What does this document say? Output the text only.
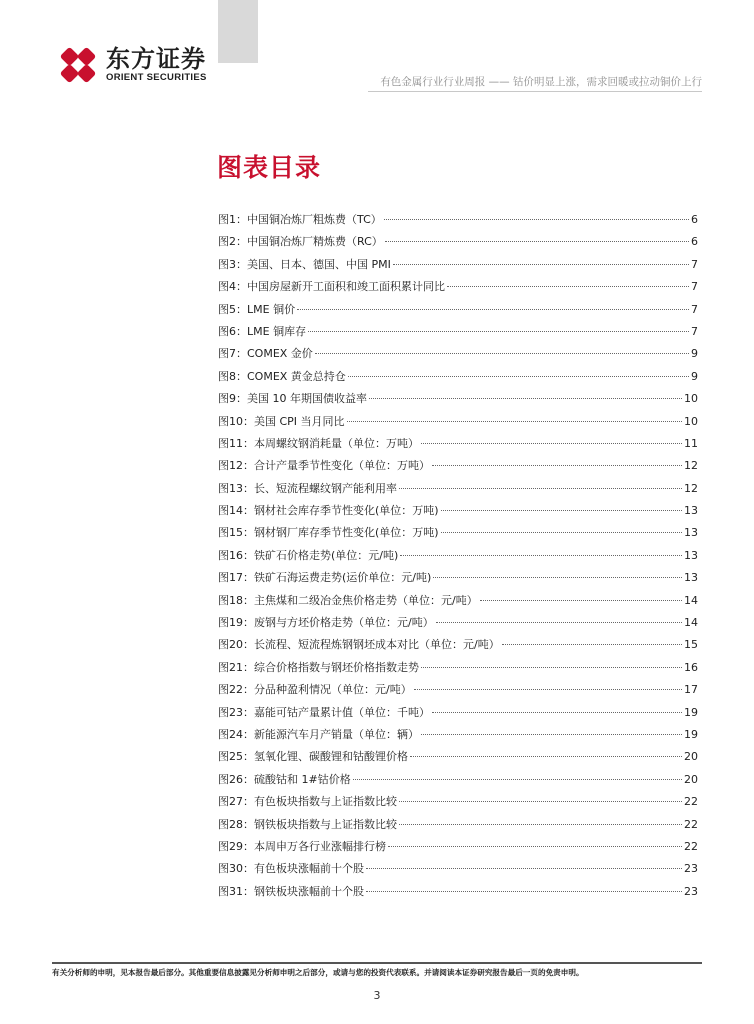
东方证券
ORIENT SECURITIES	有色金属行业行业周报 —— 钴价明显上涨，需求回暖或拉动铜价上行
图表目录
图1：中国铜冶炼厂粗炼费（TC）	6
图2：中国铜冶炼厂精炼费（RC）	6
图3：美国、日本、德国、中国 PMI	7
图4：中国房屋新开工面积和竣工面积累计同比	7
图5：LME 铜价	7
图6：LME 铜库存	7
图7：COMEX 金价	9
图8：COMEX 黄金总持仓	9
图9：美国 10 年期国债收益率	10
图10：美国 CPI 当月同比	10
图11：本周螺纹钢消耗量（单位：万吨）	11
图12：合计产量季节性变化（单位：万吨）	12
图13：长、短流程螺纹钢产能利用率	12
图14：钢材社会库存季节性变化(单位：万吨)	13
图15：钢材钢厂库存季节性变化(单位：万吨)	13
图16：铁矿石价格走势(单位：元/吨)	13
图17：铁矿石海运费走势(运价单位：元/吨)	13
图18：主焦煤和二级冶金焦价格走势（单位：元/吨）	14
图19：废钢与方坯价格走势（单位：元/吨）	14
图20：长流程、短流程炼钢钢坯成本对比（单位：元/吨）	15
图21：综合价格指数与钢坯价格指数走势	16
图22：分品种盈利情况（单位：元/吨）	17
图23：嘉能可钴产量累计值（单位：千吨）	19
图24：新能源汽车月产销量（单位：辆）	19
图25：氢氧化锂、碳酸锂和钴酸锂价格	20
图26：硫酸钴和 1#钴价格	20
图27：有色板块指数与上证指数比较	22
图28：钢铁板块指数与上证指数比较	22
图29：本周申万各行业涨幅排行榜	22
图30：有色板块涨幅前十个股	23
图31：钢铁板块涨幅前十个股	23
有关分析师的申明，见本报告最后部分。其他重要信息披露见分析师申明之后部分，或请与您的投资代表联系。并请阅读本证券研究报告最后一页的免责申明。
3
